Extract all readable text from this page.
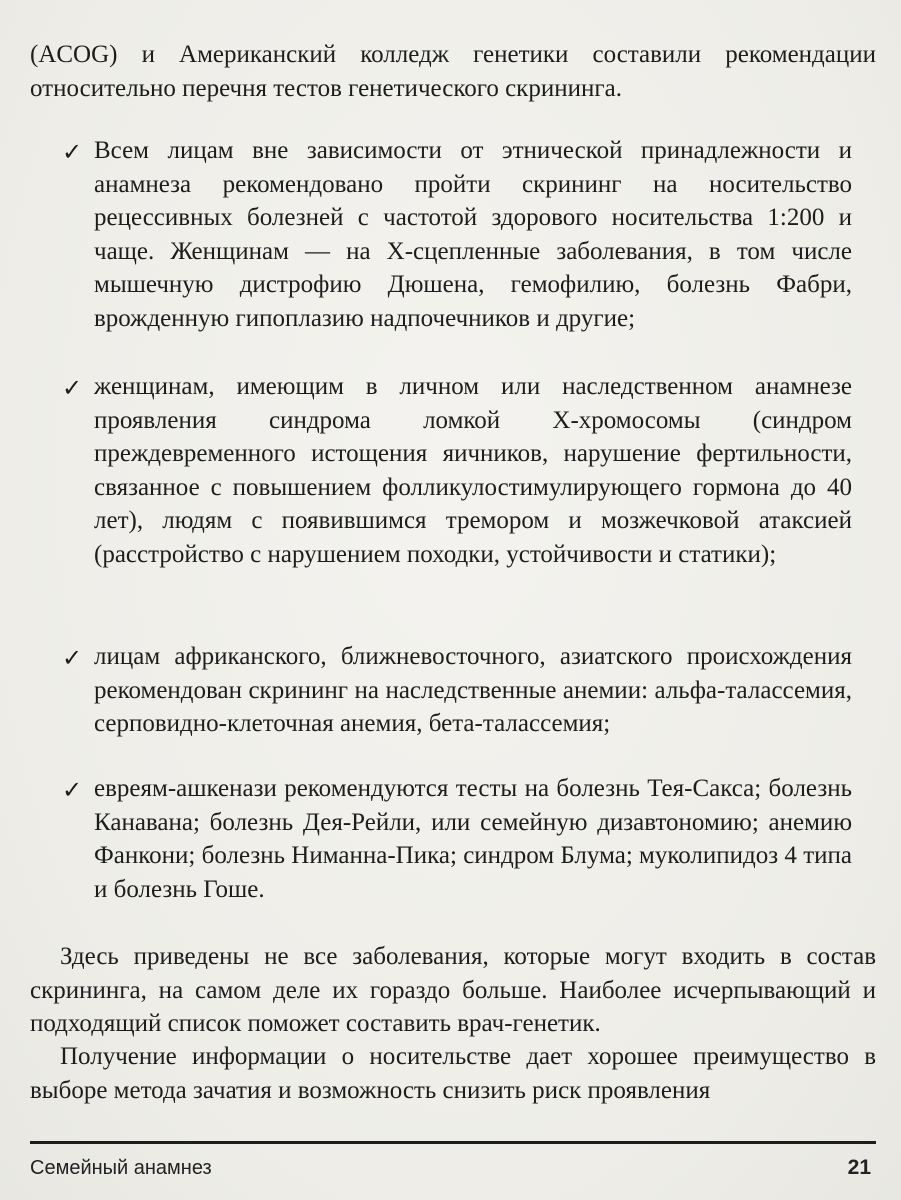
(ACOG) и Американский колледж генетики составили рекомендации относительно перечня тестов генетического скрининга.

✓ Всем лицам вне зависимости от этнической принадлежности и анамнеза рекомендовано пройти скрининг на носительство рецессивных болезней с частотой здорового носительства 1:200 и чаще. Женщинам — на X-сцепленные заболевания, в том числе мышечную дистрофию Дюшена, гемофилию, болезнь Фабри, врожденную гипоплазию надпочечников и другие;

✓ женщинам, имеющим в личном или наследственном анамнезе проявления синдрома ломкой X-хромосомы (синдром преждевременного истощения яичников, нарушение фертильности, связанное с повышением фолликулостимулирующего гормона до 40 лет), людям с появившимся тремором и мозжечковой атаксией (расстройство с нарушением походки, устойчивости и статики);

✓ лицам африканского, ближневосточного, азиатского происхождения рекомендован скрининг на наследственные анемии: альфа-талассемия, серповидно-клеточная анемия, бета-талассемия;

✓ евреям-ашкенази рекомендуются тесты на болезнь Тея-Сакса; болезнь Канавана; болезнь Дея-Рейли, или семейную дизавтономию; анемию Фанкони; болезнь Ниманна-Пика; синдром Блума; муколипидоз 4 типа и болезнь Гоше.

Здесь приведены не все заболевания, которые могут входить в состав скрининга, на самом деле их гораздо больше. Наиболее исчерпывающий и подходящий список поможет составить врач-генетик.

Получение информации о носительстве дает хорошее преимущество в выборе метода зачатия и возможность снизить риск проявления

Семейный анамнез	21
